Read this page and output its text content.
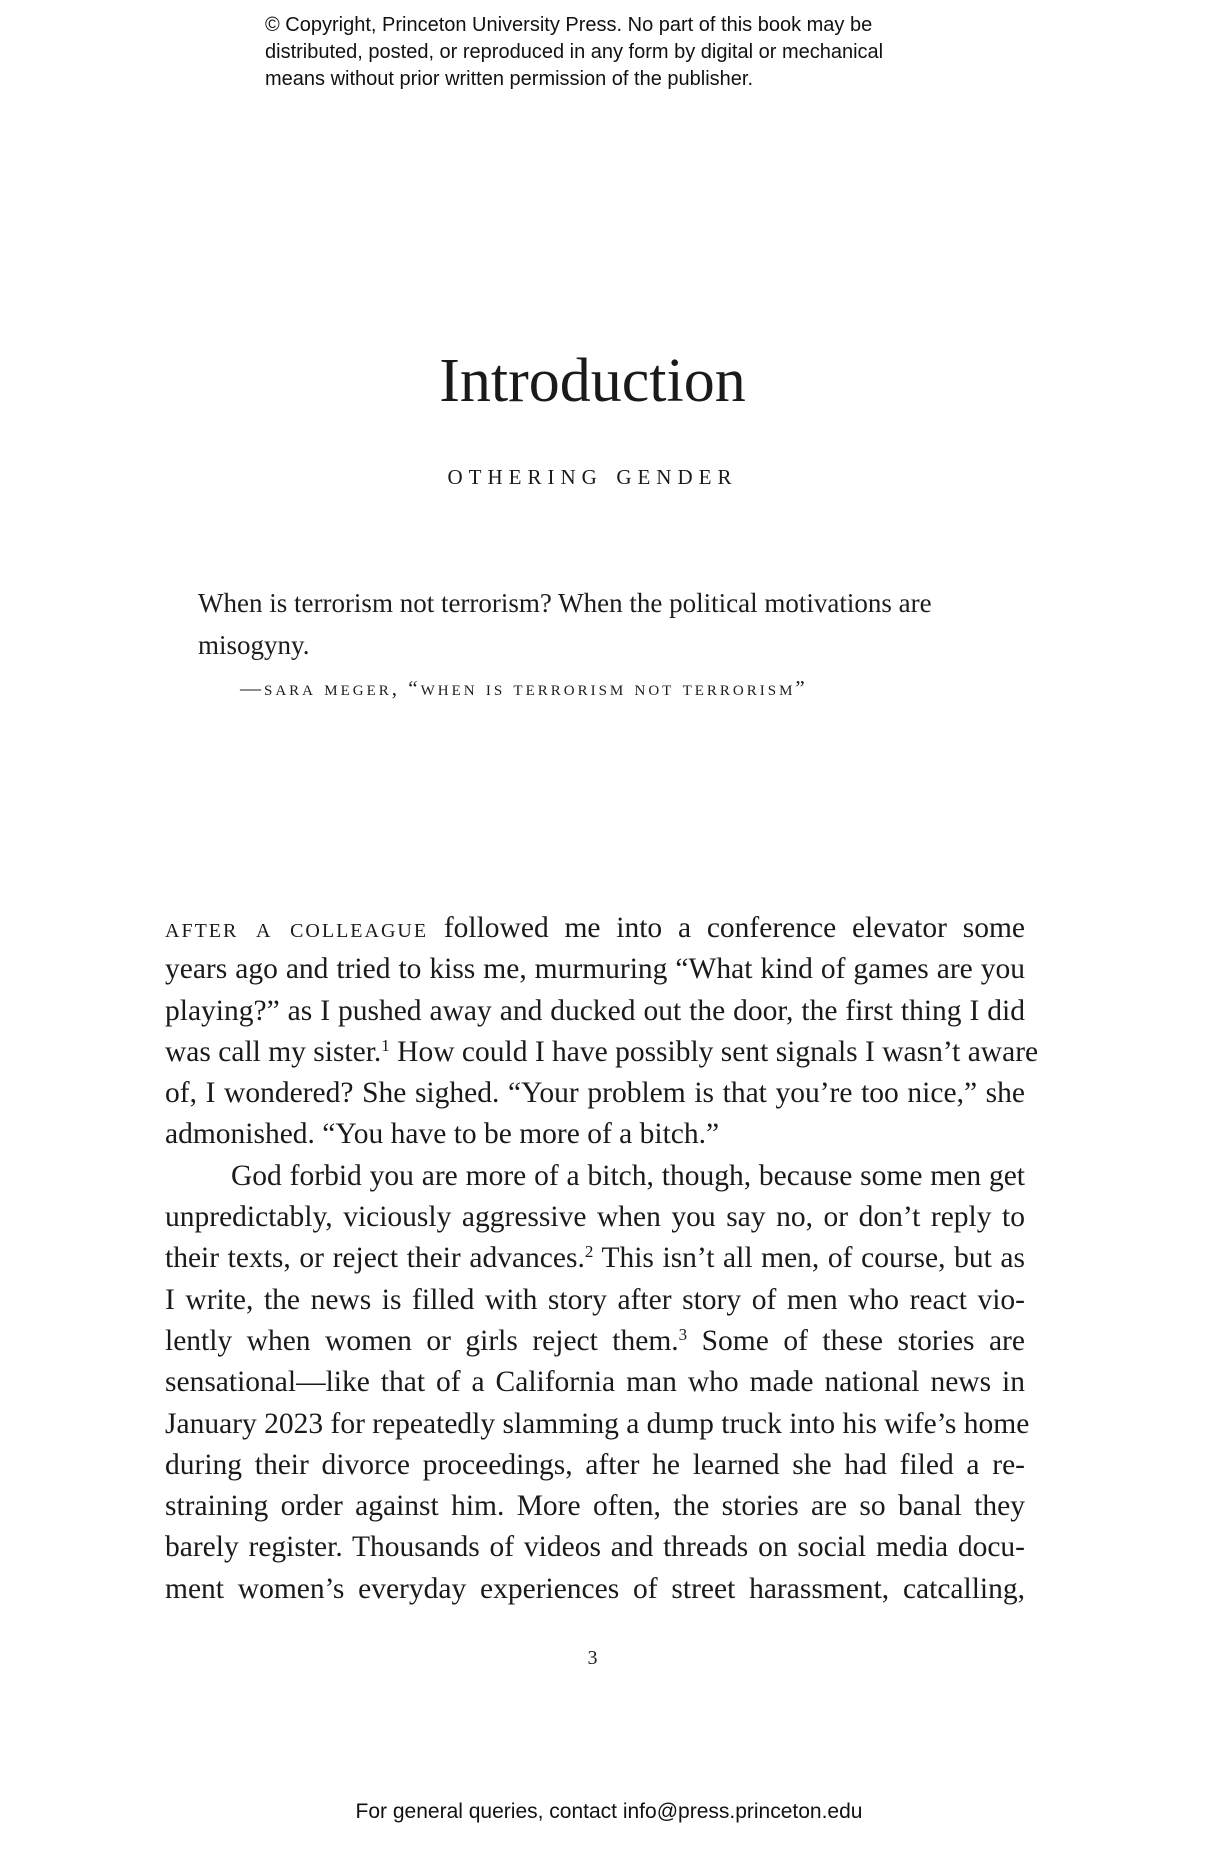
© Copyright, Princeton University Press. No part of this book may be
distributed, posted, or reproduced in any form by digital or mechanical
means without prior written permission of the publisher.
Introduction
othering gender
When is terrorism not terrorism? When the political motivations are
misogyny.
—sara meger, “when is terrorism not terrorism”
after a colleague followed me into a conference elevator some
years ago and tried to kiss me, murmuring “What kind of games are you
playing?” as I pushed away and ducked out the door, the first thing I did
was call my sister.$^1$ How could I have possibly sent signals I wasn’t aware
of, I wondered? She sighed. “Your problem is that you’re too nice,” she
admonished. “You have to be more of a bitch.”
God forbid you are more of a bitch, though, because some men get
unpredictably, viciously aggressive when you say no, or don’t reply to
their texts, or reject their advances.$^2$ This isn’t all men, of course, but as
I write, the news is filled with story after story of men who react vio-
lently when women or girls reject them.$^3$ Some of these stories are
sensational—like that of a California man who made national news in
January 2023 for repeatedly slamming a dump truck into his wife’s home
during their divorce proceedings, after he learned she had filed a re-
straining order against him. More often, the stories are so banal they
barely register. Thousands of videos and threads on social media docu-
ment women’s everyday experiences of street harassment, catcalling,
3
For general queries, contact info@press.princeton.edu
